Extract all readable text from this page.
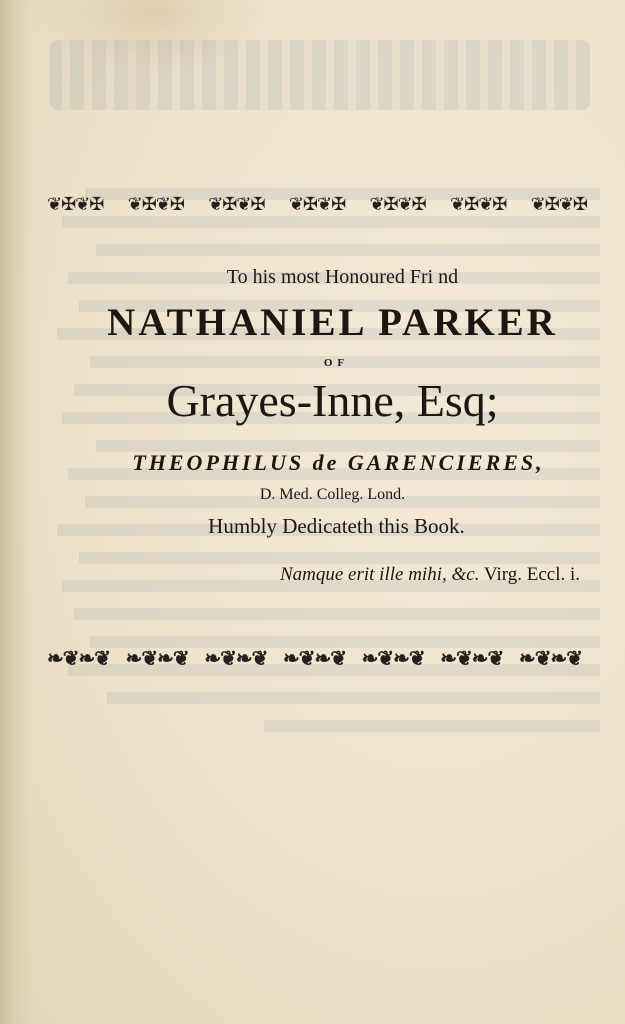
❦✠❦✠ ❦✠❦✠ ❦✠❦✠ ❦✠❦✠ ❦✠❦✠ ❦✠❦✠ ❦✠❦✠
To his most Honoured Fri nd
NATHANIEL PARKER
OF
Grayes-Inne, Esq;
THEOPHILUS de GARENCIERES,
D. Med. Colleg. Lond.
Humbly Dedicateth this Book.
Namque erit ille mihi, &c. Virg. Eccl. i.
❧❦❧❦ ❧❦❧❦ ❧❦❧❦ ❧❦❧❦ ❧❦❧❦ ❧❦❧❦ ❧❦❧❦
